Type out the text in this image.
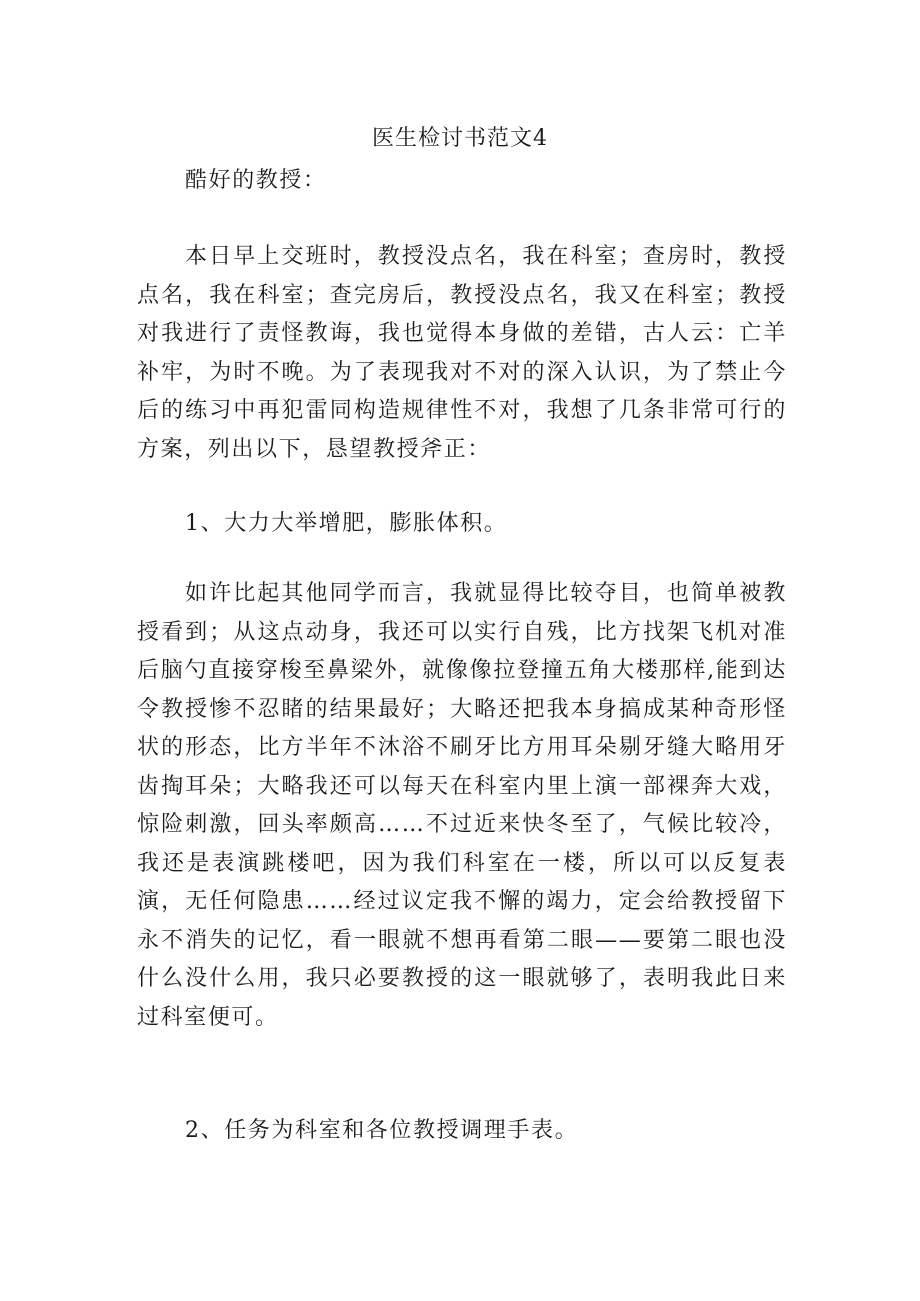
医生检讨书范文4

酷好的教授：

本日早上交班时，教授没点名，我在科室；查房时，教授点名，我在科室；查完房后，教授没点名，我又在科室；教授对我进行了责怪教诲，我也觉得本身做的差错，古人云：亡羊补牢，为时不晚。为了表现我对不对的深入认识，为了禁止今后的练习中再犯雷同构造规律性不对，我想了几条非常可行的方案，列出以下，恳望教授斧正：

1、大力大举增肥，膨胀体积。

如许比起其他同学而言，我就显得比较夺目，也简单被教授看到；从这点动身，我还可以实行自残，比方找架飞机对准后脑勺直接穿梭至鼻梁外，就像像拉登撞五角大楼那样,能到达令教授惨不忍睹的结果最好；大略还把我本身搞成某种奇形怪状的形态，比方半年不沐浴不刷牙比方用耳朵剔牙缝大略用牙齿掏耳朵；大略我还可以每天在科室内里上演一部裸奔大戏，惊险刺激，回头率颇高……不过近来快冬至了，气候比较冷，我还是表演跳楼吧，因为我们科室在一楼，所以可以反复表演，无任何隐患……经过议定我不懈的竭力，定会给教授留下永不消失的记忆，看一眼就不想再看第二眼——要第二眼也没什么没什么用，我只必要教授的这一眼就够了，表明我此日来过科室便可。

2、任务为科室和各位教授调理手表。
